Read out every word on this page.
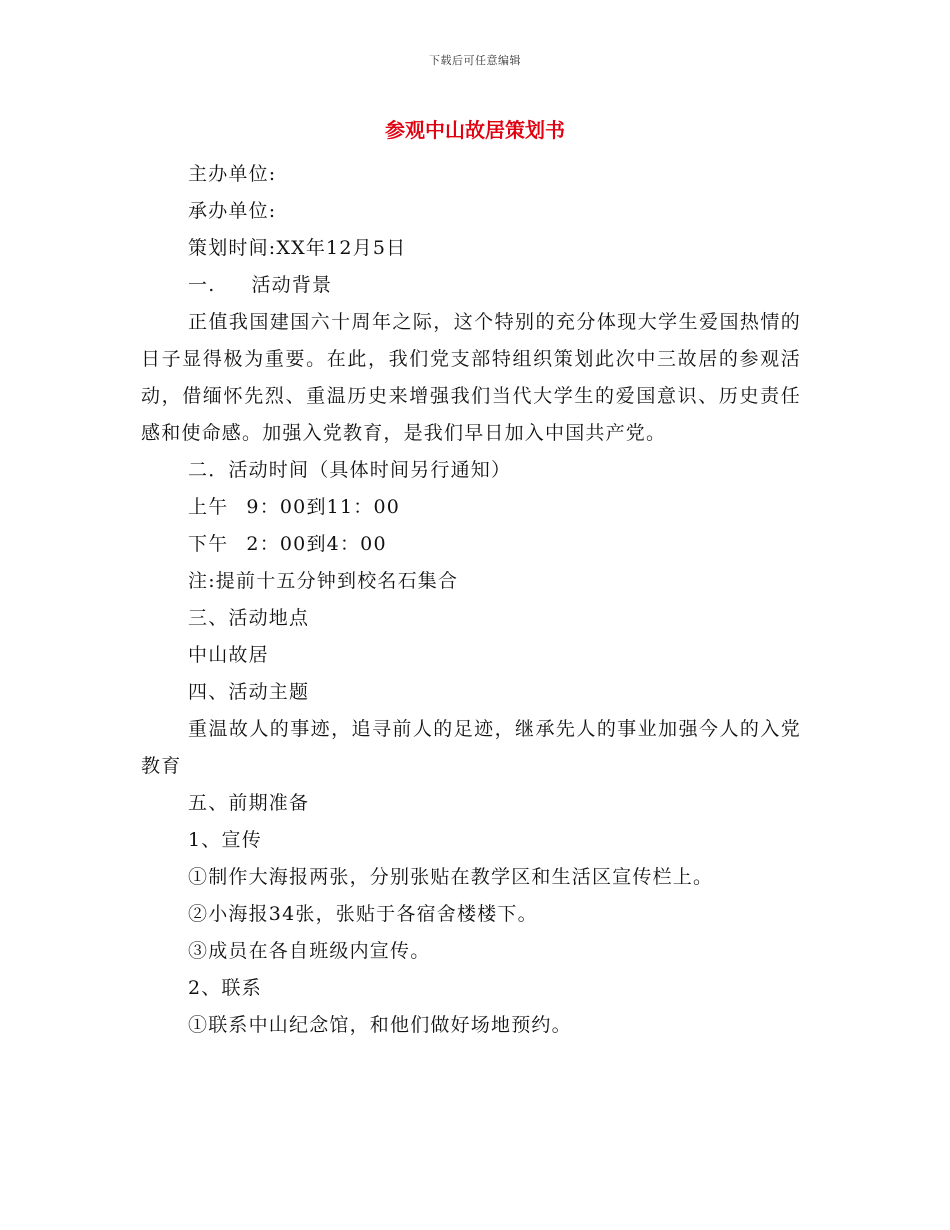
下载后可任意编辑
参观中山故居策划书

主办单位:

承办单位:

策划时间:XX年12月5日

一. 活动背景

正值我国建国六十周年之际，这个特别的充分体现大学生爱国热情的日子显得极为重要。在此，我们党支部特组织策划此次中三故居的参观活动，借缅怀先烈、重温历史来增强我们当代大学生的爱国意识、历史责任感和使命感。加强入党教育，是我们早日加入中国共产党。

二．活动时间（具体时间另行通知）

上午 9：00到11：00

下午 2：00到4：00

注:提前十五分钟到校名石集合

三、活动地点

中山故居

四、活动主题

重温故人的事迹，追寻前人的足迹，继承先人的事业加强今人的入党教育

五、前期准备

1、宣传

①制作大海报两张，分别张贴在教学区和生活区宣传栏上。

②小海报34张，张贴于各宿舍楼楼下。

③成员在各自班级内宣传。

2、联系

①联系中山纪念馆，和他们做好场地预约。
